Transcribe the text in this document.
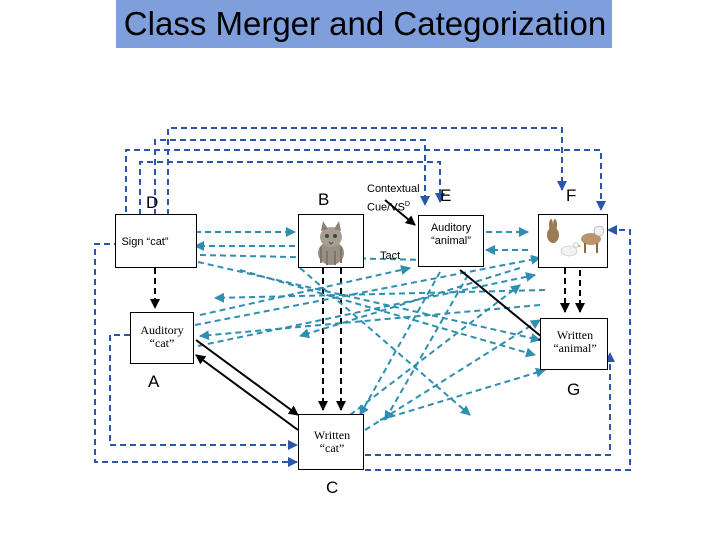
Class Merger and Categorization
Sign “cat”
Auditory “animal”
Auditory “cat”
Written “animal”
Written “cat”
D	B	E	F
A	G
C
Contextual
Cue/$VS^D$
Tact
